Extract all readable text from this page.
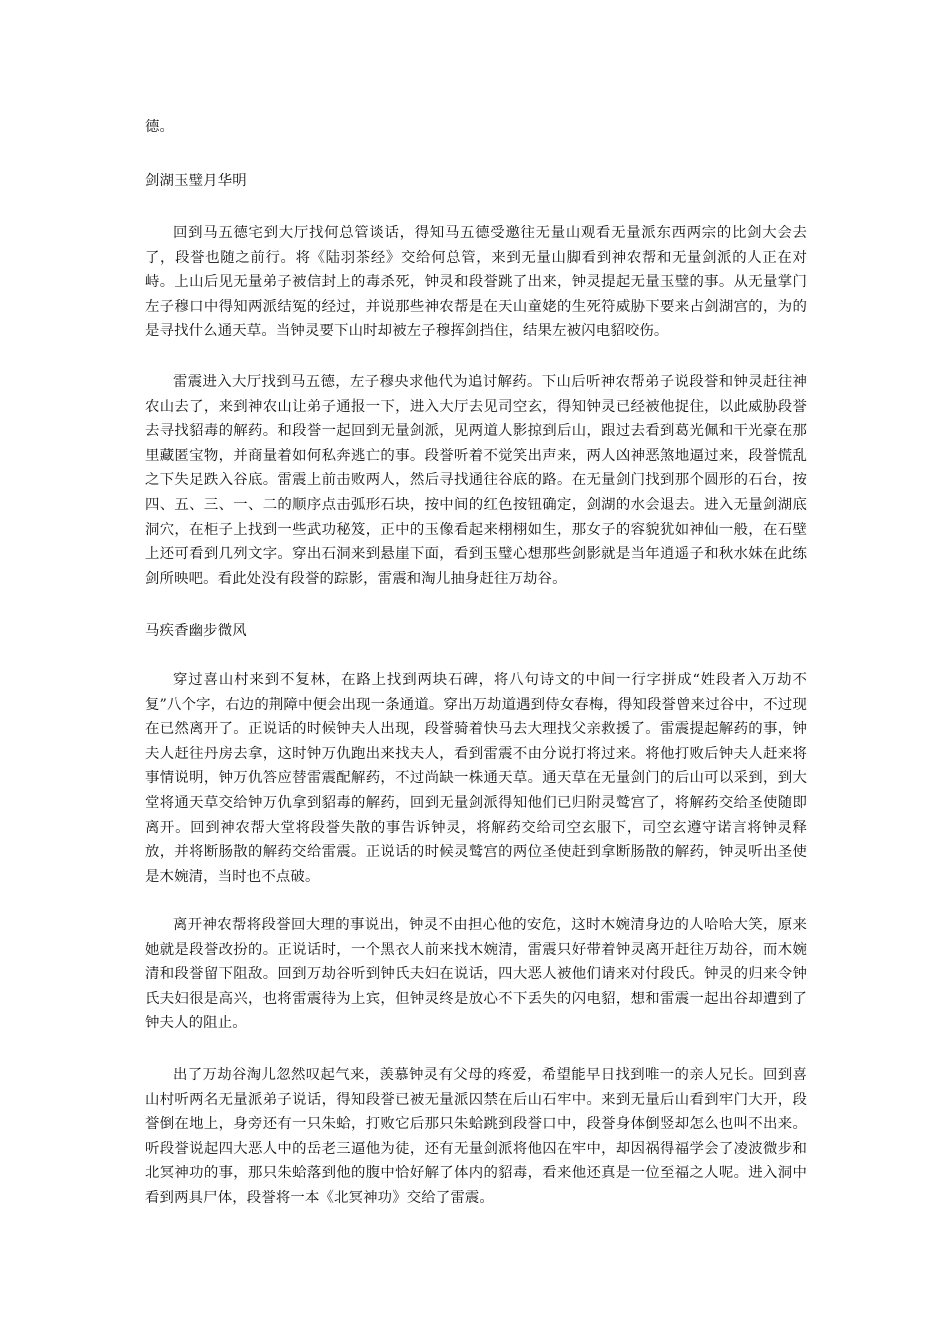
德。

剑湖玉璧月华明

回到马五德宅到大厅找何总管谈话，得知马五德受邀往无量山观看无量派东西两宗的比剑大会去了，段誉也随之前行。将《陆羽茶经》交给何总管，来到无量山脚看到神农帮和无量剑派的人正在对峙。上山后见无量弟子被信封上的毒杀死，钟灵和段誉跳了出来，钟灵提起无量玉璧的事。从无量掌门左子穆口中得知两派结冤的经过，并说那些神农帮是在天山童姥的生死符威胁下要来占剑湖宫的，为的是寻找什么通天草。当钟灵要下山时却被左子穆挥剑挡住，结果左被闪电貂咬伤。

雷震进入大厅找到马五德，左子穆央求他代为追讨解药。下山后听神农帮弟子说段誉和钟灵赶往神农山去了，来到神农山让弟子通报一下，进入大厅去见司空玄，得知钟灵已经被他捉住，以此威胁段誉去寻找貂毒的解药。和段誉一起回到无量剑派，见两道人影掠到后山，跟过去看到葛光佩和干光豪在那里藏匿宝物，并商量着如何私奔逃亡的事。段誉听着不觉笑出声来，两人凶神恶煞地逼过来，段誉慌乱之下失足跌入谷底。雷震上前击败两人，然后寻找通往谷底的路。在无量剑门找到那个圆形的石台，按四、五、三、一、二的顺序点击弧形石块，按中间的红色按钮确定，剑湖的水会退去。进入无量剑湖底洞穴，在柜子上找到一些武功秘笈，正中的玉像看起来栩栩如生，那女子的容貌犹如神仙一般，在石壁上还可看到几列文字。穿出石洞来到悬崖下面，看到玉璧心想那些剑影就是当年逍遥子和秋水妹在此练剑所映吧。看此处没有段誉的踪影，雷震和淘儿抽身赶往万劫谷。

马疾香幽步微风

穿过喜山村来到不复林，在路上找到两块石碑，将八句诗文的中间一行字拼成“姓段者入万劫不复”八个字，右边的荆障中便会出现一条通道。穿出万劫道遇到侍女春梅，得知段誉曾来过谷中，不过现在已然离开了。正说话的时候钟夫人出现，段誉骑着快马去大理找父亲救援了。雷震提起解药的事，钟夫人赶往丹房去拿，这时钟万仇跑出来找夫人，看到雷震不由分说打将过来。将他打败后钟夫人赶来将事情说明，钟万仇答应替雷震配解药，不过尚缺一株通天草。通天草在无量剑门的后山可以采到，到大堂将通天草交给钟万仇拿到貂毒的解药，回到无量剑派得知他们已归附灵鹫宫了，将解药交给圣使随即离开。回到神农帮大堂将段誉失散的事告诉钟灵，将解药交给司空玄服下，司空玄遵守诺言将钟灵释放，并将断肠散的解药交给雷震。正说话的时候灵鹫宫的两位圣使赶到拿断肠散的解药，钟灵听出圣使是木婉清，当时也不点破。

离开神农帮将段誉回大理的事说出，钟灵不由担心他的安危，这时木婉清身边的人哈哈大笑，原来她就是段誉改扮的。正说话时，一个黑衣人前来找木婉清，雷震只好带着钟灵离开赶往万劫谷，而木婉清和段誉留下阻敌。回到万劫谷听到钟氏夫妇在说话，四大恶人被他们请来对付段氏。钟灵的归来令钟氏夫妇很是高兴，也将雷震待为上宾，但钟灵终是放心不下丢失的闪电貂，想和雷震一起出谷却遭到了钟夫人的阻止。

出了万劫谷淘儿忽然叹起气来，羡慕钟灵有父母的疼爱，希望能早日找到唯一的亲人兄长。回到喜山村听两名无量派弟子说话，得知段誉已被无量派囚禁在后山石牢中。来到无量后山看到牢门大开，段誉倒在地上，身旁还有一只朱蛤，打败它后那只朱蛤跳到段誉口中，段誉身体倒竖却怎么也叫不出来。听段誉说起四大恶人中的岳老三逼他为徒，还有无量剑派将他囚在牢中，却因祸得福学会了凌波微步和北冥神功的事，那只朱蛤落到他的腹中恰好解了体内的貂毒，看来他还真是一位至福之人呢。进入洞中看到两具尸体，段誉将一本《北冥神功》交给了雷震。
